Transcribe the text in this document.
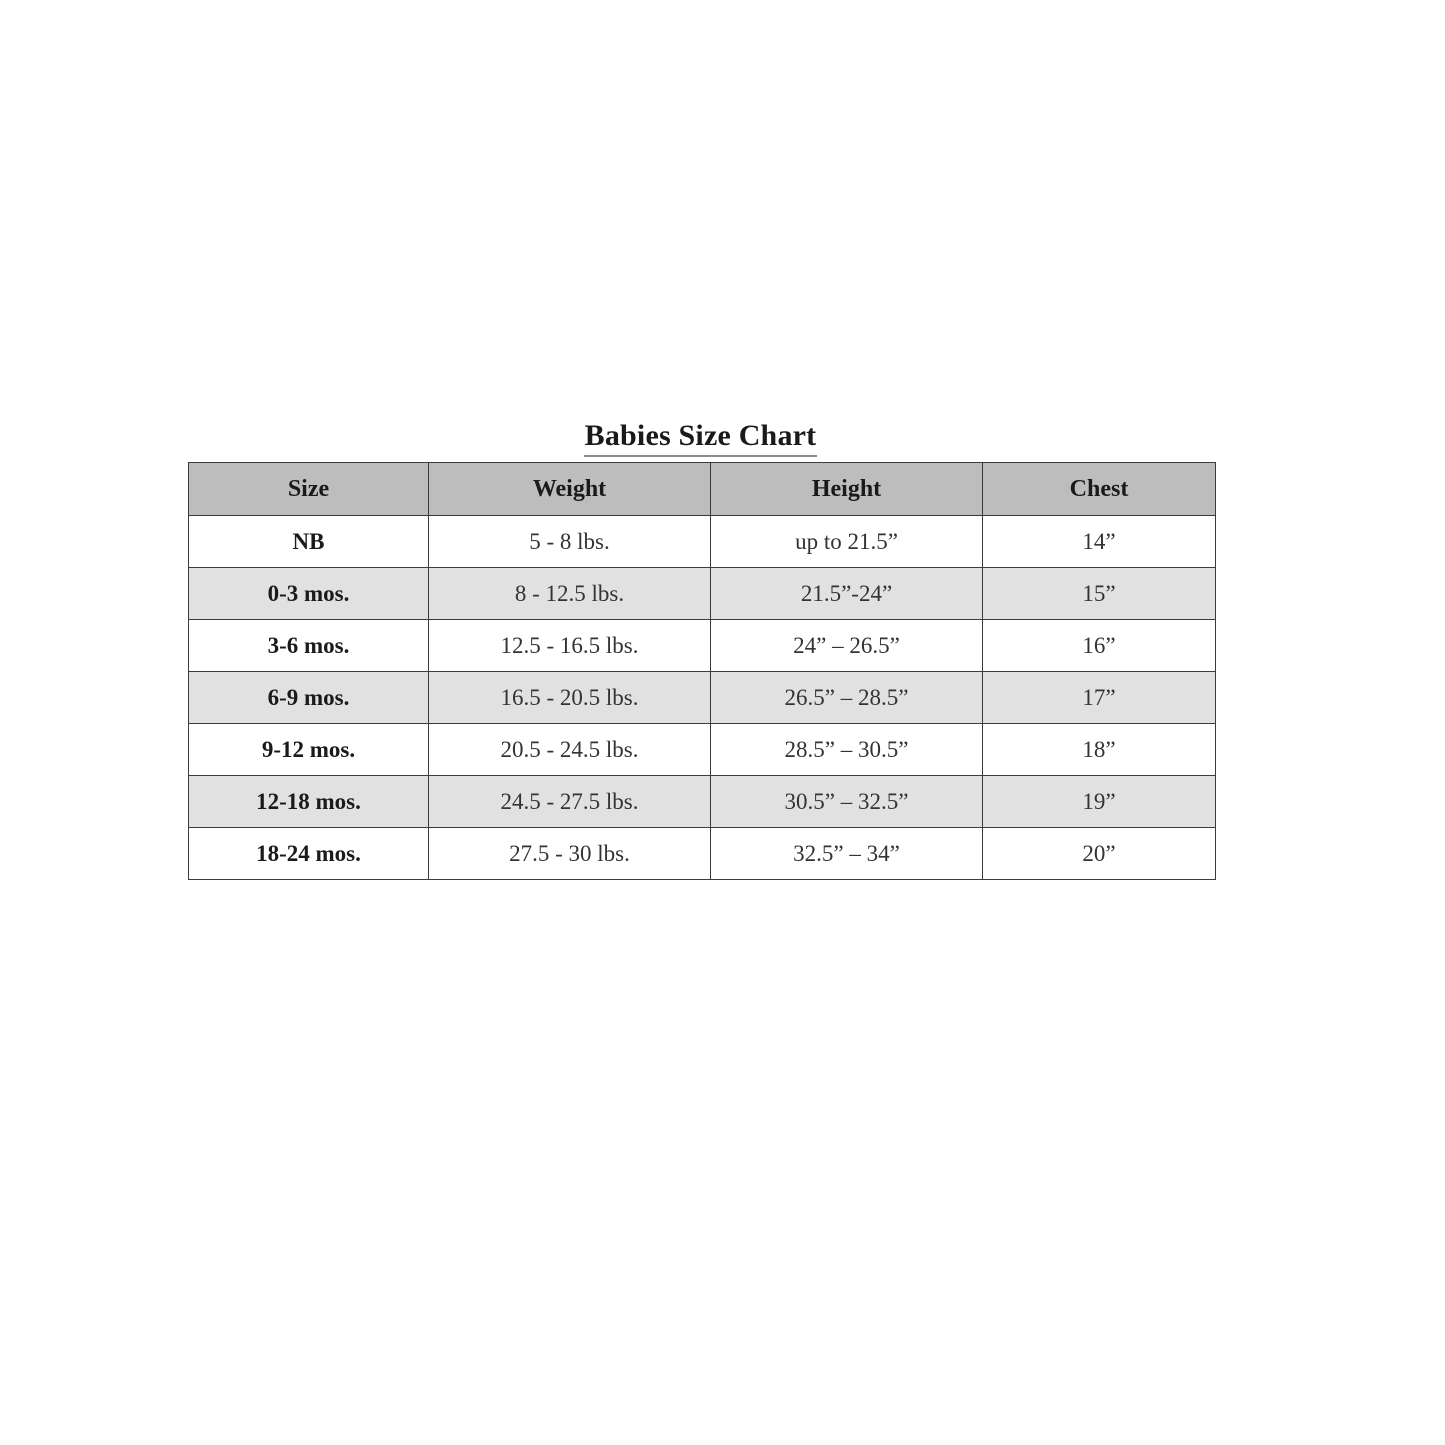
Babies Size Chart
Size	Weight	Height	Chest
NB	5 - 8 lbs.	up to 21.5”	14”
0-3 mos.	8 - 12.5 lbs.	21.5”-24”	15”
3-6 mos.	12.5 - 16.5 lbs.	24” – 26.5”	16”
6-9 mos.	16.5 - 20.5 lbs.	26.5” – 28.5”	17”
9-12 mos.	20.5 - 24.5 lbs.	28.5” – 30.5”	18”
12-18 mos.	24.5 - 27.5 lbs.	30.5” – 32.5”	19”
18-24 mos.	27.5 - 30 lbs.	32.5” – 34”	20”
